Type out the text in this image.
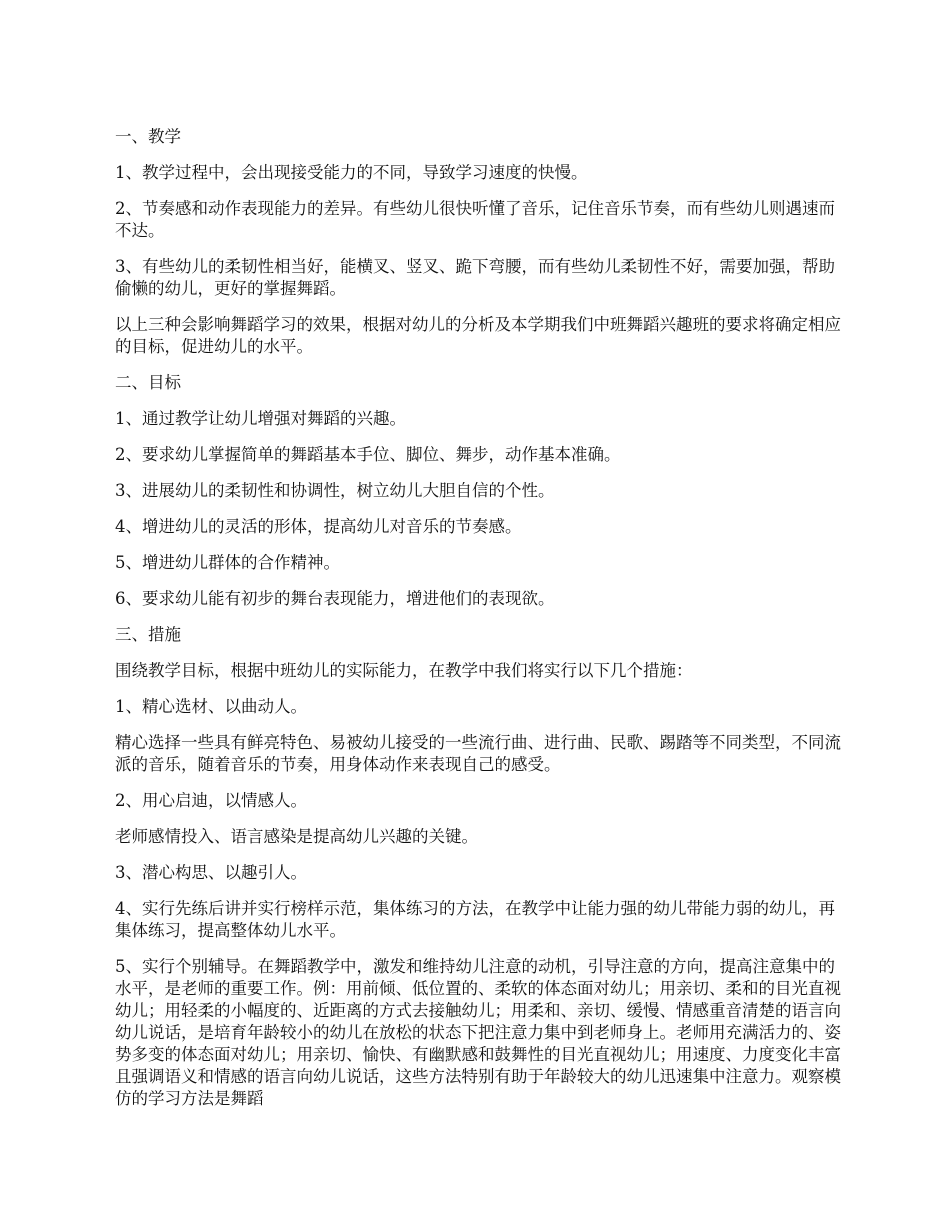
一、教学

1、教学过程中，会出现接受能力的不同，导致学习速度的快慢。

2、节奏感和动作表现能力的差异。有些幼儿很快听懂了音乐，记住音乐节奏，而有些幼儿则遇速而不达。

3、有些幼儿的柔韧性相当好，能横叉、竖叉、跪下弯腰，而有些幼儿柔韧性不好，需要加强，帮助偷懒的幼儿，更好的掌握舞蹈。

以上三种会影响舞蹈学习的效果，根据对幼儿的分析及本学期我们中班舞蹈兴趣班的要求将确定相应的目标，促进幼儿的水平。

二、目标

1、通过教学让幼儿增强对舞蹈的兴趣。

2、要求幼儿掌握简单的舞蹈基本手位、脚位、舞步，动作基本准确。

3、进展幼儿的柔韧性和协调性，树立幼儿大胆自信的个性。

4、增进幼儿的灵活的形体，提高幼儿对音乐的节奏感。

5、增进幼儿群体的合作精神。

6、要求幼儿能有初步的舞台表现能力，增进他们的表现欲。

三、措施

围绕教学目标，根据中班幼儿的实际能力，在教学中我们将实行以下几个措施：

1、精心选材、以曲动人。

精心选择一些具有鲜亮特色、易被幼儿接受的一些流行曲、进行曲、民歌、踢踏等不同类型，不同流派的音乐，随着音乐的节奏，用身体动作来表现自己的感受。

2、用心启迪，以情感人。

老师感情投入、语言感染是提高幼儿兴趣的关键。

3、潜心构思、以趣引人。

4、实行先练后讲并实行榜样示范，集体练习的方法，在教学中让能力强的幼儿带能力弱的幼儿，再集体练习，提高整体幼儿水平。

5、实行个别辅导。在舞蹈教学中，激发和维持幼儿注意的动机，引导注意的方向，提高注意集中的水平，是老师的重要工作。例：用前倾、低位置的、柔软的体态面对幼儿；用亲切、柔和的目光直视幼儿；用轻柔的小幅度的、近距离的方式去接触幼儿；用柔和、亲切、缓慢、情感重音清楚的语言向幼儿说话，是培育年龄较小的幼儿在放松的状态下把注意力集中到老师身上。老师用充满活力的、姿势多变的体态面对幼儿；用亲切、愉快、有幽默感和鼓舞性的目光直视幼儿；用速度、力度变化丰富且强调语义和情感的语言向幼儿说话，这些方法特别有助于年龄较大的幼儿迅速集中注意力。观察模仿的学习方法是舞蹈
